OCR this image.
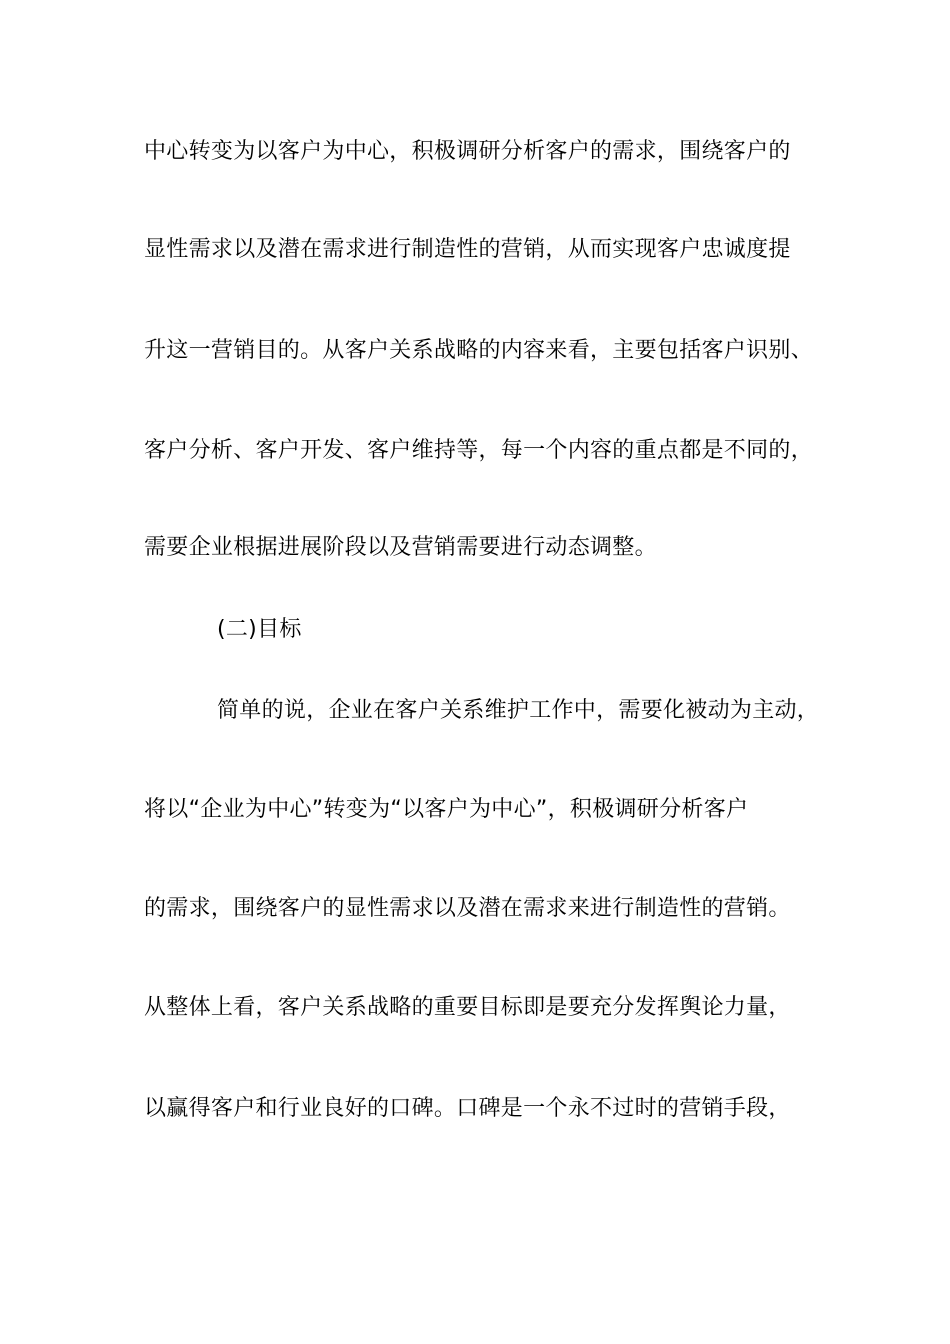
中心转变为以客户为中心，积极调研分析客户的需求，围绕客户的
显性需求以及潜在需求进行制造性的营销，从而实现客户忠诚度提
升这一营销目的。从客户关系战略的内容来看，主要包括客户识别、
客户分析、客户开发、客户维持等，每一个内容的重点都是不同的，
需要企业根据进展阶段以及营销需要进行动态调整。
(二)目标
简单的说，企业在客户关系维护工作中，需要化被动为主动，
将以“企业为中心”转变为“以客户为中心”，积极调研分析客户
的需求，围绕客户的显性需求以及潜在需求来进行制造性的营销。
从整体上看，客户关系战略的重要目标即是要充分发挥舆论力量，
以赢得客户和行业良好的口碑。口碑是一个永不过时的营销手段，
